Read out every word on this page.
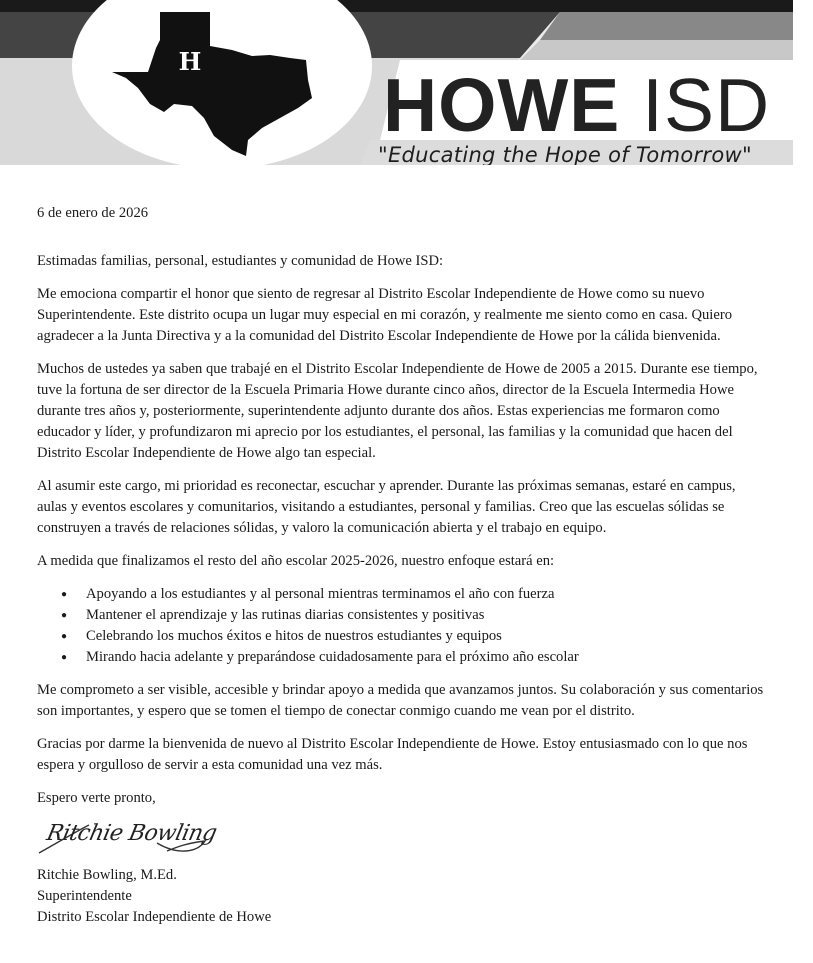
H
HOWE ISD
"Educating the Hope of Tomorrow"

6 de enero de 2026

Estimadas familias, personal, estudiantes y comunidad de Howe ISD:

Me emociona compartir el honor que siento de regresar al Distrito Escolar Independiente de Howe como su nuevo Superintendente. Este distrito ocupa un lugar muy especial en mi corazón, y realmente me siento como en casa. Quiero agradecer a la Junta Directiva y a la comunidad del Distrito Escolar Independiente de Howe por la cálida bienvenida.

Muchos de ustedes ya saben que trabajé en el Distrito Escolar Independiente de Howe de 2005 a 2015. Durante ese tiempo, tuve la fortuna de ser director de la Escuela Primaria Howe durante cinco años, director de la Escuela Intermedia Howe durante tres años y, posteriormente, superintendente adjunto durante dos años. Estas experiencias me formaron como educador y líder, y profundizaron mi aprecio por los estudiantes, el personal, las familias y la comunidad que hacen del Distrito Escolar Independiente de Howe algo tan especial.

Al asumir este cargo, mi prioridad es reconectar, escuchar y aprender. Durante las próximas semanas, estaré en campus, aulas y eventos escolares y comunitarios, visitando a estudiantes, personal y familias. Creo que las escuelas sólidas se construyen a través de relaciones sólidas, y valoro la comunicación abierta y el trabajo en equipo.

A medida que finalizamos el resto del año escolar 2025-2026, nuestro enfoque estará en:

● Apoyando a los estudiantes y al personal mientras terminamos el año con fuerza
● Mantener el aprendizaje y las rutinas diarias consistentes y positivas
● Celebrando los muchos éxitos e hitos de nuestros estudiantes y equipos
● Mirando hacia adelante y preparándose cuidadosamente para el próximo año escolar

Me comprometo a ser visible, accesible y brindar apoyo a medida que avanzamos juntos. Su colaboración y sus comentarios son importantes, y espero que se tomen el tiempo de conectar conmigo cuando me vean por el distrito.

Gracias por darme la bienvenida de nuevo al Distrito Escolar Independiente de Howe. Estoy entusiasmado con lo que nos espera y orgulloso de servir a esta comunidad una vez más.

Espero verte pronto,

Ritchie Bowling

Ritchie Bowling, M.Ed.

Superintendente

Distrito Escolar Independiente de Howe
